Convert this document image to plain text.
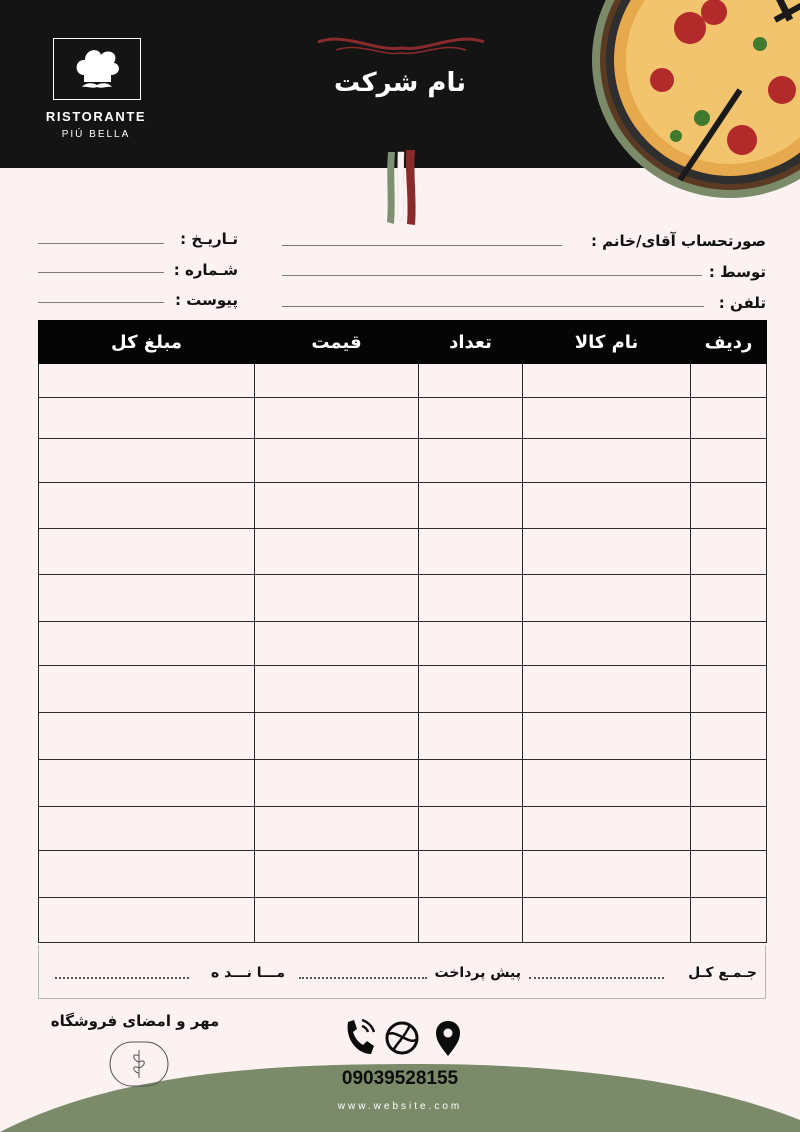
RISTORANTE
PIÚ BELLA
نام شرکت
صورتحساب آقای/خانم :
توسط :
تلفن :
تـاریـخ :
شـماره :
پیوست :
ردیف	نام کالا	تعداد	قیمت	مبلغ کل

جـمـع کـل
پیش پرداخت
مـــا نـــد ه
مهر و امضای فروشگاه
09039528155
www.website.com
